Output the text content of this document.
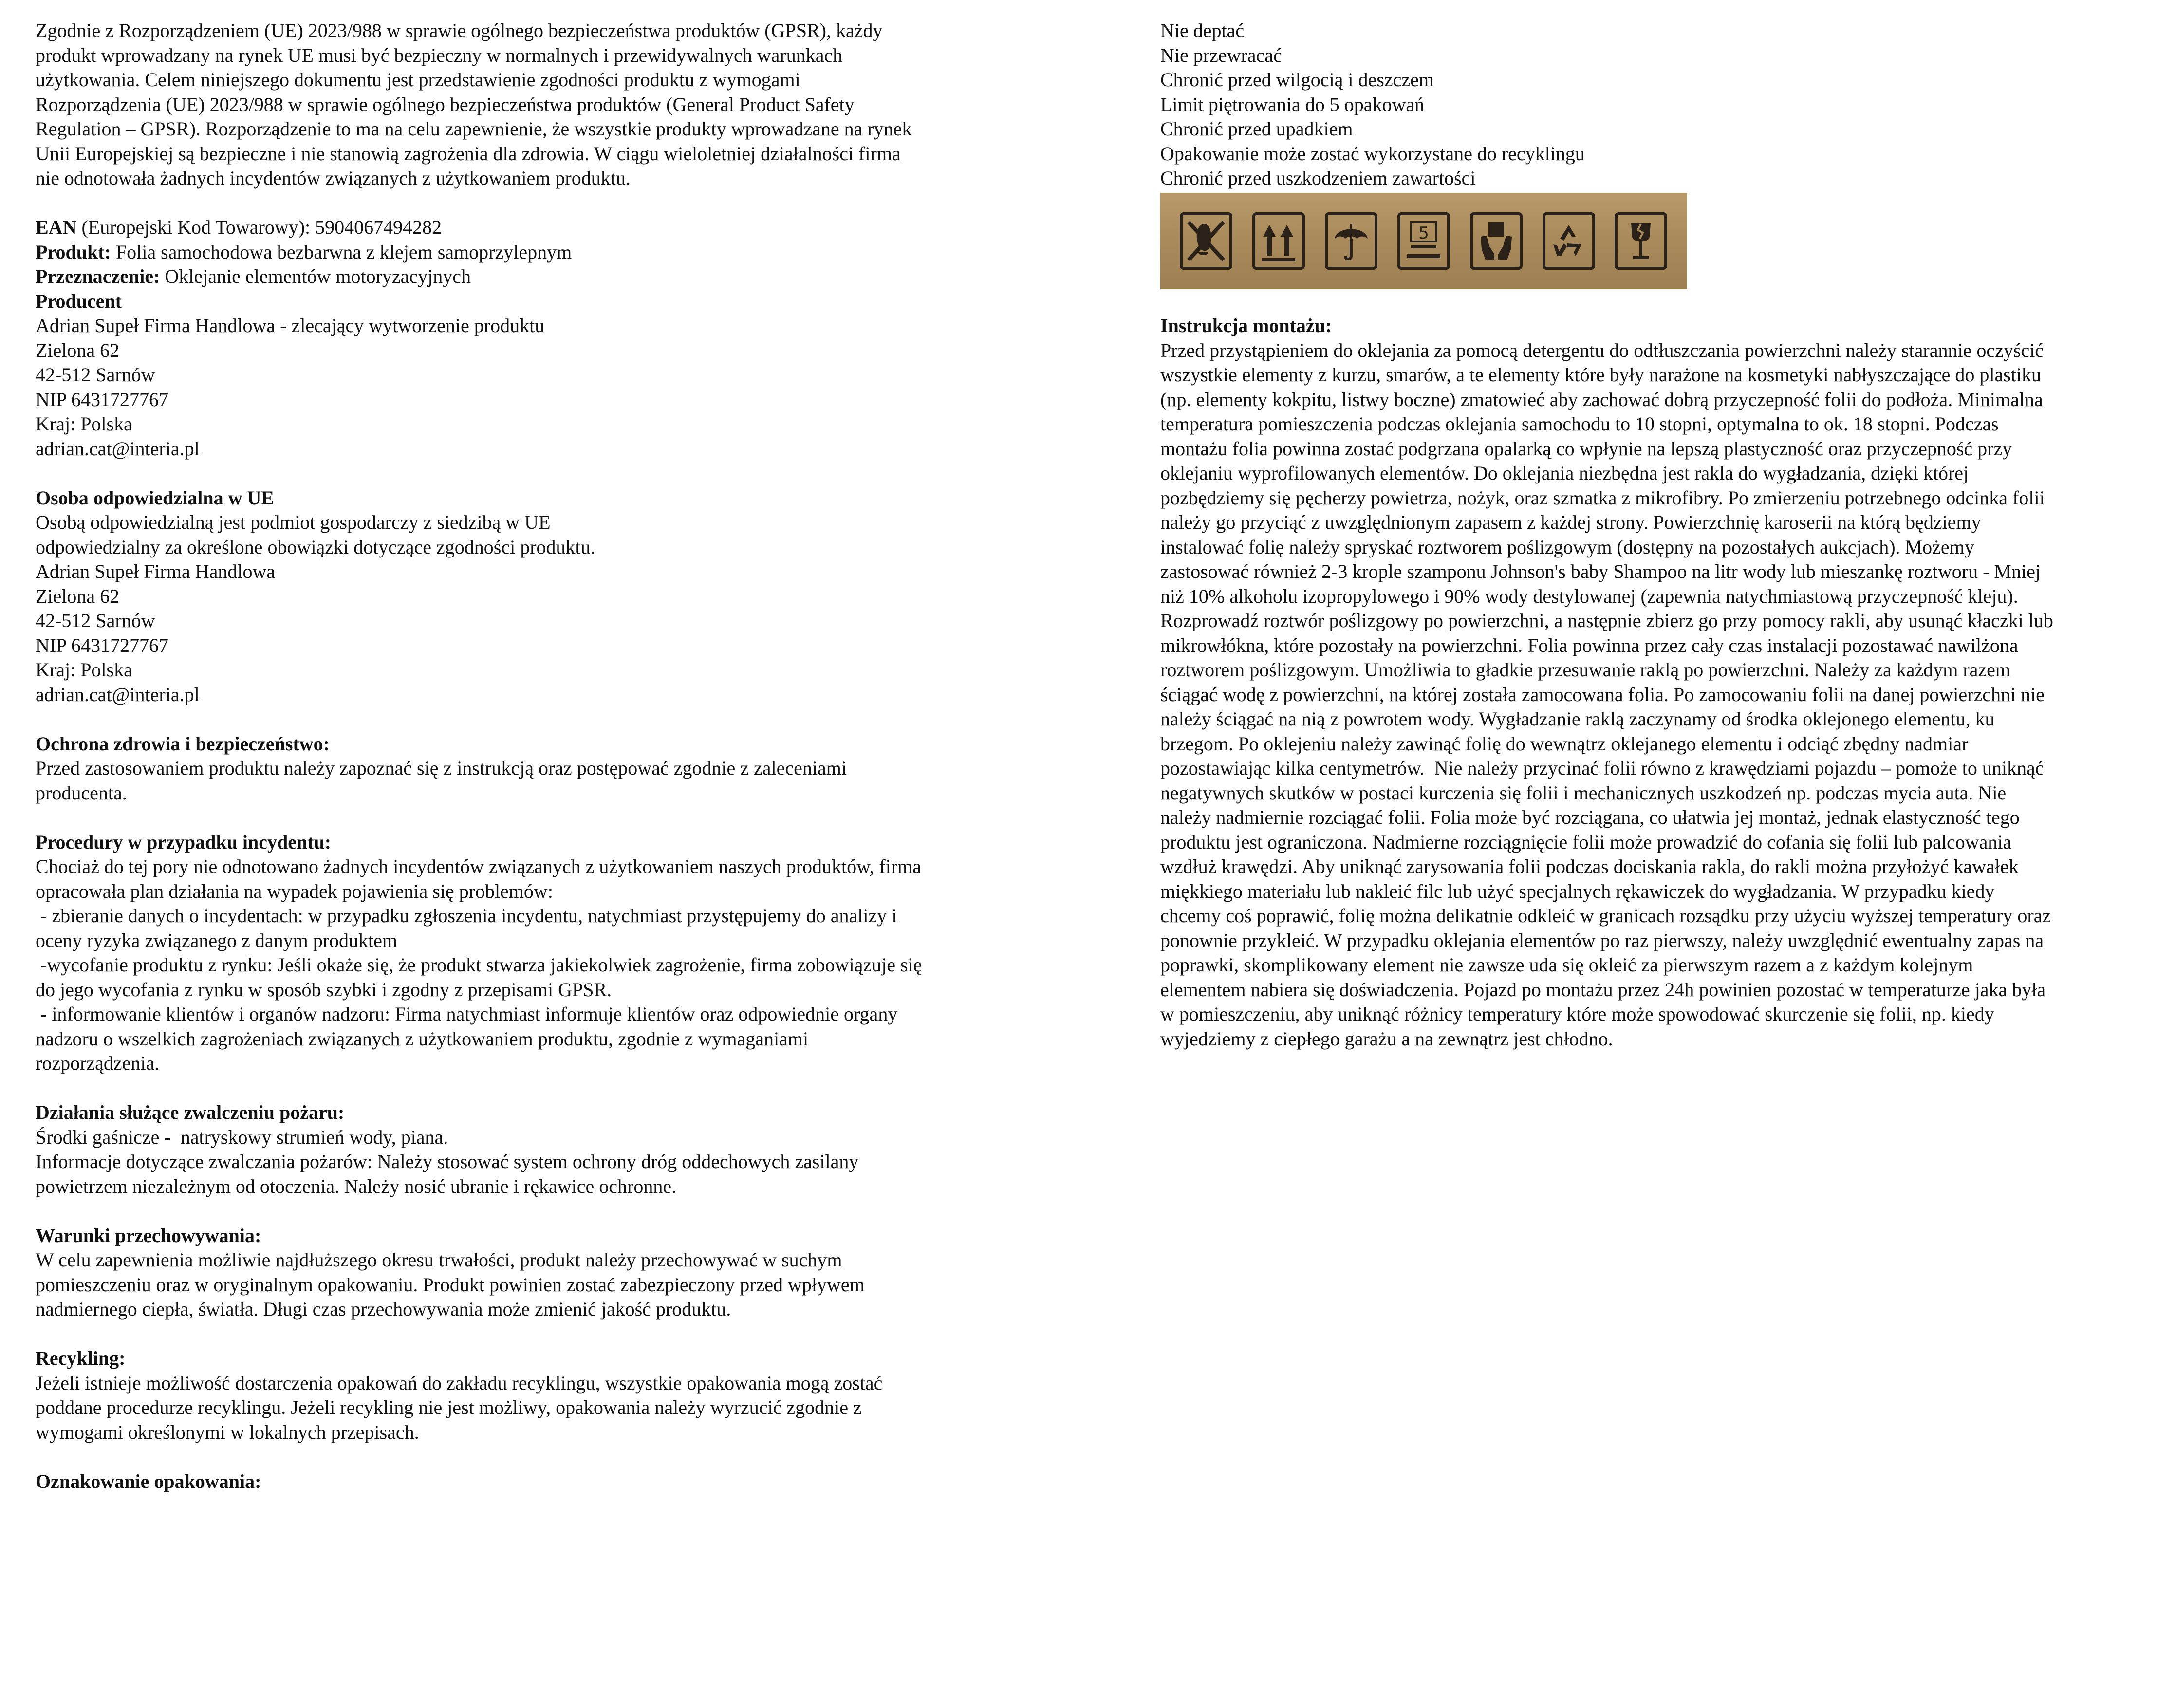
Zgodnie z Rozporządzeniem (UE) 2023/988 w sprawie ogólnego bezpieczeństwa produktów (GPSR), każdy
produkt wprowadzany na rynek UE musi być bezpieczny w normalnych i przewidywalnych warunkach
użytkowania. Celem niniejszego dokumentu jest przedstawienie zgodności produktu z wymogami
Rozporządzenia (UE) 2023/988 w sprawie ogólnego bezpieczeństwa produktów (General Product Safety
Regulation – GPSR). Rozporządzenie to ma na celu zapewnienie, że wszystkie produkty wprowadzane na rynek
Unii Europejskiej są bezpieczne i nie stanowią zagrożenia dla zdrowia. W ciągu wieloletniej działalności firma
nie odnotowała żadnych incydentów związanych z użytkowaniem produktu.
EAN (Europejski Kod Towarowy): 5904067494282
Produkt: Folia samochodowa bezbarwna z klejem samoprzylepnym
Przeznaczenie: Oklejanie elementów motoryzacyjnych
Producent
Adrian Supeł Firma Handlowa - zlecający wytworzenie produktu
Zielona 62
42-512 Sarnów
NIP 6431727767
Kraj: Polska
adrian.cat@interia.pl
Osoba odpowiedzialna w UE
Osobą odpowiedzialną jest podmiot gospodarczy z siedzibą w UE
odpowiedzialny za określone obowiązki dotyczące zgodności produktu.
Adrian Supeł Firma Handlowa
Zielona 62
42-512 Sarnów
NIP 6431727767
Kraj: Polska
adrian.cat@interia.pl
Ochrona zdrowia i bezpieczeństwo:
Przed zastosowaniem produktu należy zapoznać się z instrukcją oraz postępować zgodnie z zaleceniami
producenta.
Procedury w przypadku incydentu:
Chociaż do tej pory nie odnotowano żadnych incydentów związanych z użytkowaniem naszych produktów, firma
opracowała plan działania na wypadek pojawienia się problemów:
- zbieranie danych o incydentach: w przypadku zgłoszenia incydentu, natychmiast przystępujemy do analizy i
oceny ryzyka związanego z danym produktem
-wycofanie produktu z rynku: Jeśli okaże się, że produkt stwarza jakiekolwiek zagrożenie, firma zobowiązuje się
do jego wycofania z rynku w sposób szybki i zgodny z przepisami GPSR.
- informowanie klientów i organów nadzoru: Firma natychmiast informuje klientów oraz odpowiednie organy
nadzoru o wszelkich zagrożeniach związanych z użytkowaniem produktu, zgodnie z wymaganiami
rozporządzenia.
Działania służące zwalczeniu pożaru:
Środki gaśnicze -  natryskowy strumień wody, piana.
Informacje dotyczące zwalczania pożarów: Należy stosować system ochrony dróg oddechowych zasilany
powietrzem niezależnym od otoczenia. Należy nosić ubranie i rękawice ochronne.
Warunki przechowywania:
W celu zapewnienia możliwie najdłuższego okresu trwałości, produkt należy przechowywać w suchym
pomieszczeniu oraz w oryginalnym opakowaniu. Produkt powinien zostać zabezpieczony przed wpływem
nadmiernego ciepła, światła. Długi czas przechowywania może zmienić jakość produktu.
Recykling:
Jeżeli istnieje możliwość dostarczenia opakowań do zakładu recyklingu, wszystkie opakowania mogą zostać
poddane procedurze recyklingu. Jeżeli recykling nie jest możliwy, opakowania należy wyrzucić zgodnie z
wymogami określonymi w lokalnych przepisach.
Oznakowanie opakowania:
Nie deptać
Nie przewracać
Chronić przed wilgocią i deszczem
Limit piętrowania do 5 opakowań
Chronić przed upadkiem
Opakowanie może zostać wykorzystane do recyklingu
Chronić przed uszkodzeniem zawartości
5
Instrukcja montażu:
Przed przystąpieniem do oklejania za pomocą detergentu do odtłuszczania powierzchni należy starannie oczyścić
wszystkie elementy z kurzu, smarów, a te elementy które były narażone na kosmetyki nabłyszczające do plastiku
(np. elementy kokpitu, listwy boczne) zmatowieć aby zachować dobrą przyczepność folii do podłoża. Minimalna
temperatura pomieszczenia podczas oklejania samochodu to 10 stopni, optymalna to ok. 18 stopni. Podczas
montażu folia powinna zostać podgrzana opalarką co wpłynie na lepszą plastyczność oraz przyczepność przy
oklejaniu wyprofilowanych elementów. Do oklejania niezbędna jest rakla do wygładzania, dzięki której
pozbędziemy się pęcherzy powietrza, nożyk, oraz szmatka z mikrofibry. Po zmierzeniu potrzebnego odcinka folii
należy go przyciąć z uwzględnionym zapasem z każdej strony. Powierzchnię karoserii na którą będziemy
instalować folię należy spryskać roztworem poślizgowym (dostępny na pozostałych aukcjach). Możemy
zastosować również 2-3 krople szamponu Johnson's baby Shampoo na litr wody lub mieszankę roztworu - Mniej
niż 10% alkoholu izopropylowego i 90% wody destylowanej (zapewnia natychmiastową przyczepność kleju).
Rozprowadź roztwór poślizgowy po powierzchni, a następnie zbierz go przy pomocy rakli, aby usunąć kłaczki lub
mikrowłókna, które pozostały na powierzchni. Folia powinna przez cały czas instalacji pozostawać nawilżona
roztworem poślizgowym. Umożliwia to gładkie przesuwanie raklą po powierzchni. Należy za każdym razem
ściągać wodę z powierzchni, na której została zamocowana folia. Po zamocowaniu folii na danej powierzchni nie
należy ściągać na nią z powrotem wody. Wygładzanie raklą zaczynamy od środka oklejonego elementu, ku
brzegom. Po oklejeniu należy zawinąć folię do wewnątrz oklejanego elementu i odciąć zbędny nadmiar
pozostawiając kilka centymetrów.  Nie należy przycinać folii równo z krawędziami pojazdu – pomoże to uniknąć
negatywnych skutków w postaci kurczenia się folii i mechanicznych uszkodzeń np. podczas mycia auta. Nie
należy nadmiernie rozciągać folii. Folia może być rozciągana, co ułatwia jej montaż, jednak elastyczność tego
produktu jest ograniczona. Nadmierne rozciągnięcie folii może prowadzić do cofania się folii lub palcowania
wzdłuż krawędzi. Aby uniknąć zarysowania folii podczas dociskania rakla, do rakli można przyłożyć kawałek
miękkiego materiału lub nakleić filc lub użyć specjalnych rękawiczek do wygładzania. W przypadku kiedy
chcemy coś poprawić, folię można delikatnie odkleić w granicach rozsądku przy użyciu wyższej temperatury oraz
ponownie przykleić. W przypadku oklejania elementów po raz pierwszy, należy uwzględnić ewentualny zapas na
poprawki, skomplikowany element nie zawsze uda się okleić za pierwszym razem a z każdym kolejnym
elementem nabiera się doświadczenia. Pojazd po montażu przez 24h powinien pozostać w temperaturze jaka była
w pomieszczeniu, aby uniknąć różnicy temperatury które może spowodować skurczenie się folii, np. kiedy
wyjedziemy z ciepłego garażu a na zewnątrz jest chłodno.
